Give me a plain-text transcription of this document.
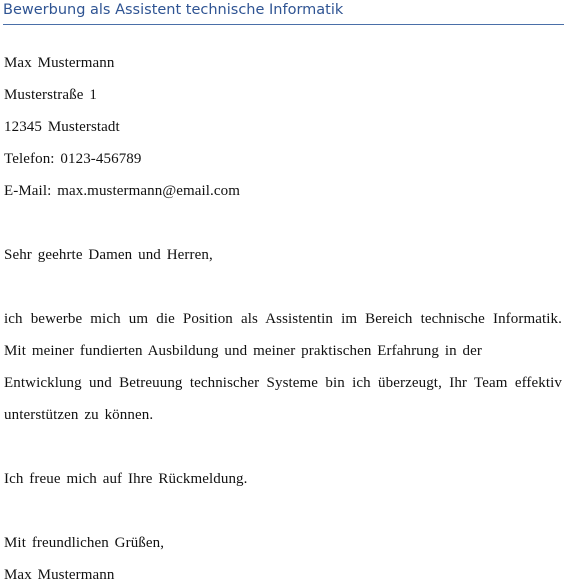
Bewerbung als Assistent technische Informatik
Max Mustermann
Musterstraße 1
12345 Musterstadt
Telefon: 0123-456789
E-Mail: max.mustermann@email.com
Sehr geehrte Damen und Herren,
ich bewerbe mich um die Position als Assistentin im Bereich technische Informatik.
Mit meiner fundierten Ausbildung und meiner praktischen Erfahrung in der
Entwicklung und Betreuung technischer Systeme bin ich überzeugt, Ihr Team effektiv
unterstützen zu können.
Ich freue mich auf Ihre Rückmeldung.
Mit freundlichen Grüßen,
Max Mustermann
